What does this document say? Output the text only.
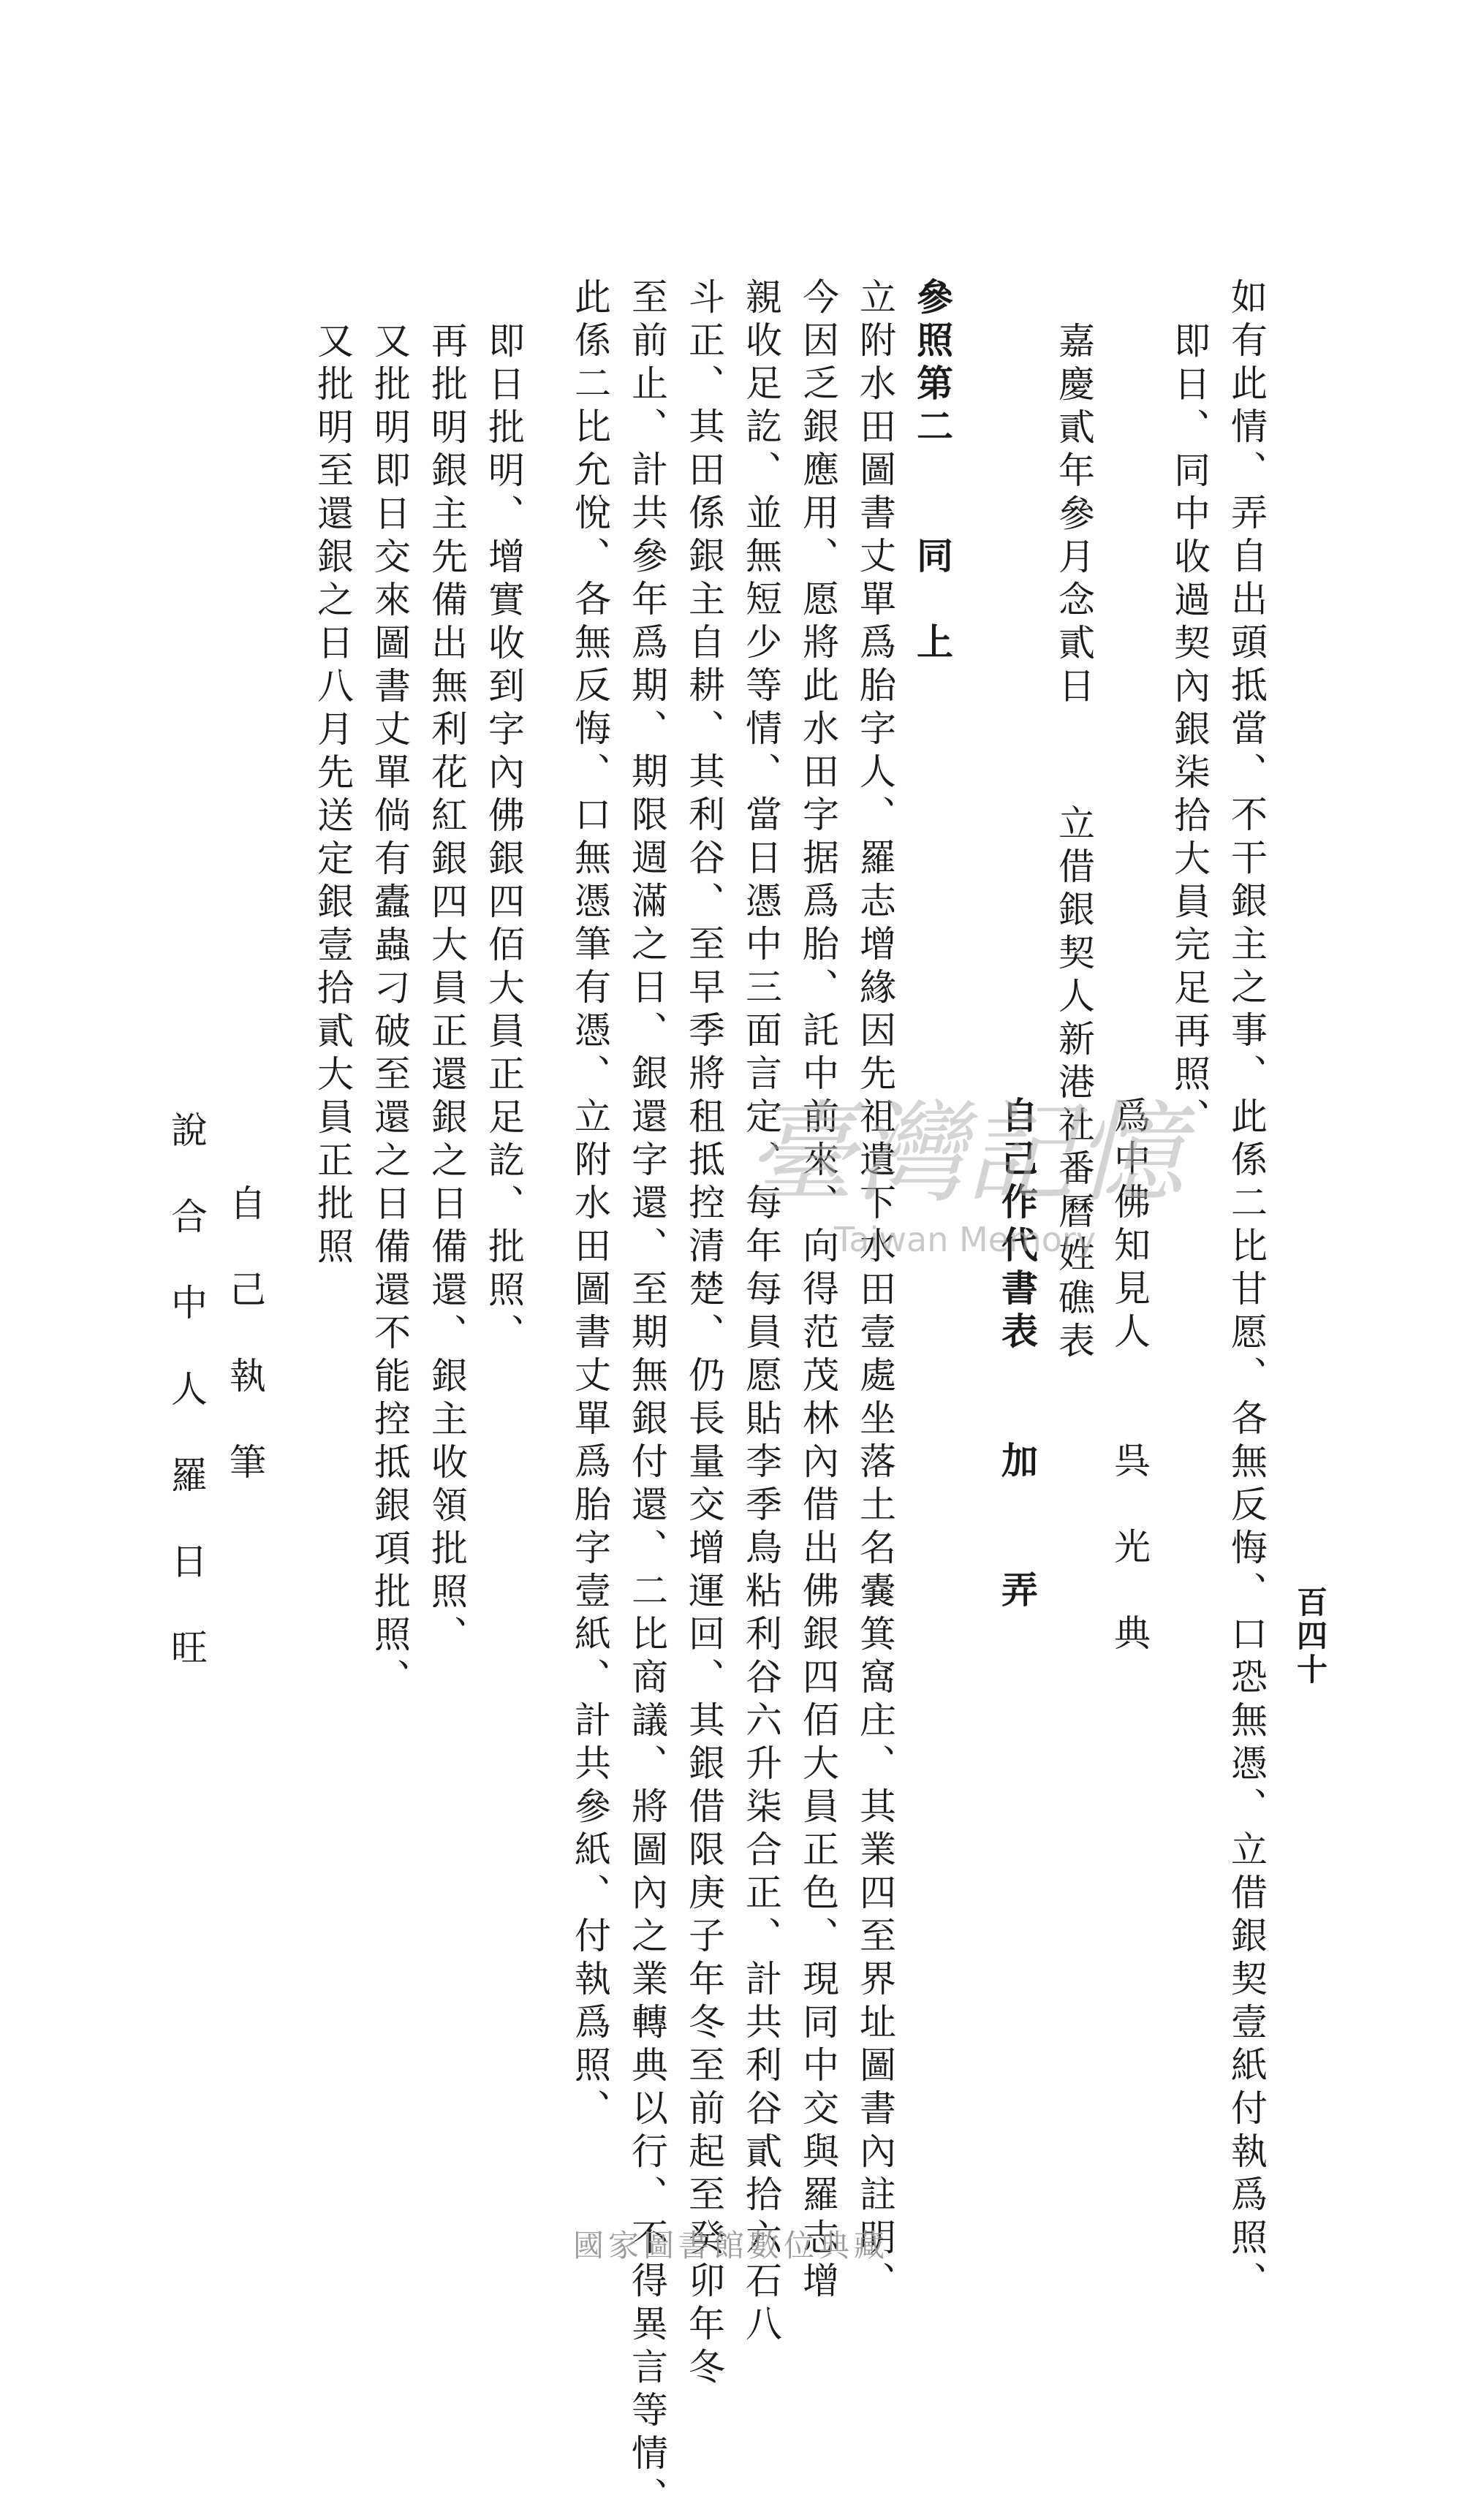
百四十
如有此情、弄自出頭抵當、不干銀主之事、此係二比甘愿、各無反悔、口恐無憑、立借銀契壹紙付執爲照、
即日、同中收過契內銀柒拾大員完足再照、
嘉慶貳年參月念貳日
立借銀契人新港社番曆姓礁表
爲中佛知見人　　呉　光　典
自己作代書表　　加　　弄
參照第二　　同　上
立附水田圖書丈單爲胎字人、羅志增緣因先祖遺下水田壹處坐落土名嚢箕窩庄、其業四至界址圖書內註明、
今因乏銀應用、愿將此水田字据爲胎、託中前來、向得范茂林內借出佛銀四佰大員正色、現同中交與羅志增
親收足訖、並無短少等情、當日憑中三面言定、每年每員愿貼李季鳥粘利谷六升柒合正、計共利谷貳拾六石八
斗正、其田係銀主自耕、其利谷、至早季將租抵控清楚、仍長量交增運回、其銀借限庚子年冬至前起至癸卯年冬
至前止、計共參年爲期、期限週滿之日、銀還字還、至期無銀付還、二比商議、將圖內之業轉典以行、不得異言等情、
此係二比允悅、各無反悔、口無憑筆有憑、立附水田圖書丈單爲胎字壹紙、計共參紙、付執爲照、
即日批明、增實收到字內佛銀四佰大員正足訖、批照、
再批明銀主先備出無利花紅銀四大員正還銀之日備還、銀主收領批照、
又批明即日交來圖書丈單倘有蠹蟲刁破至還之日備還不能控抵銀項批照、
又批明至還銀之日八月先送定銀壹拾貳大員正批照
自　己　執　筆
說　合　中　人　羅　日　旺	臺灣記憶
Taiwan Memory
國家圖書館數位典藏
